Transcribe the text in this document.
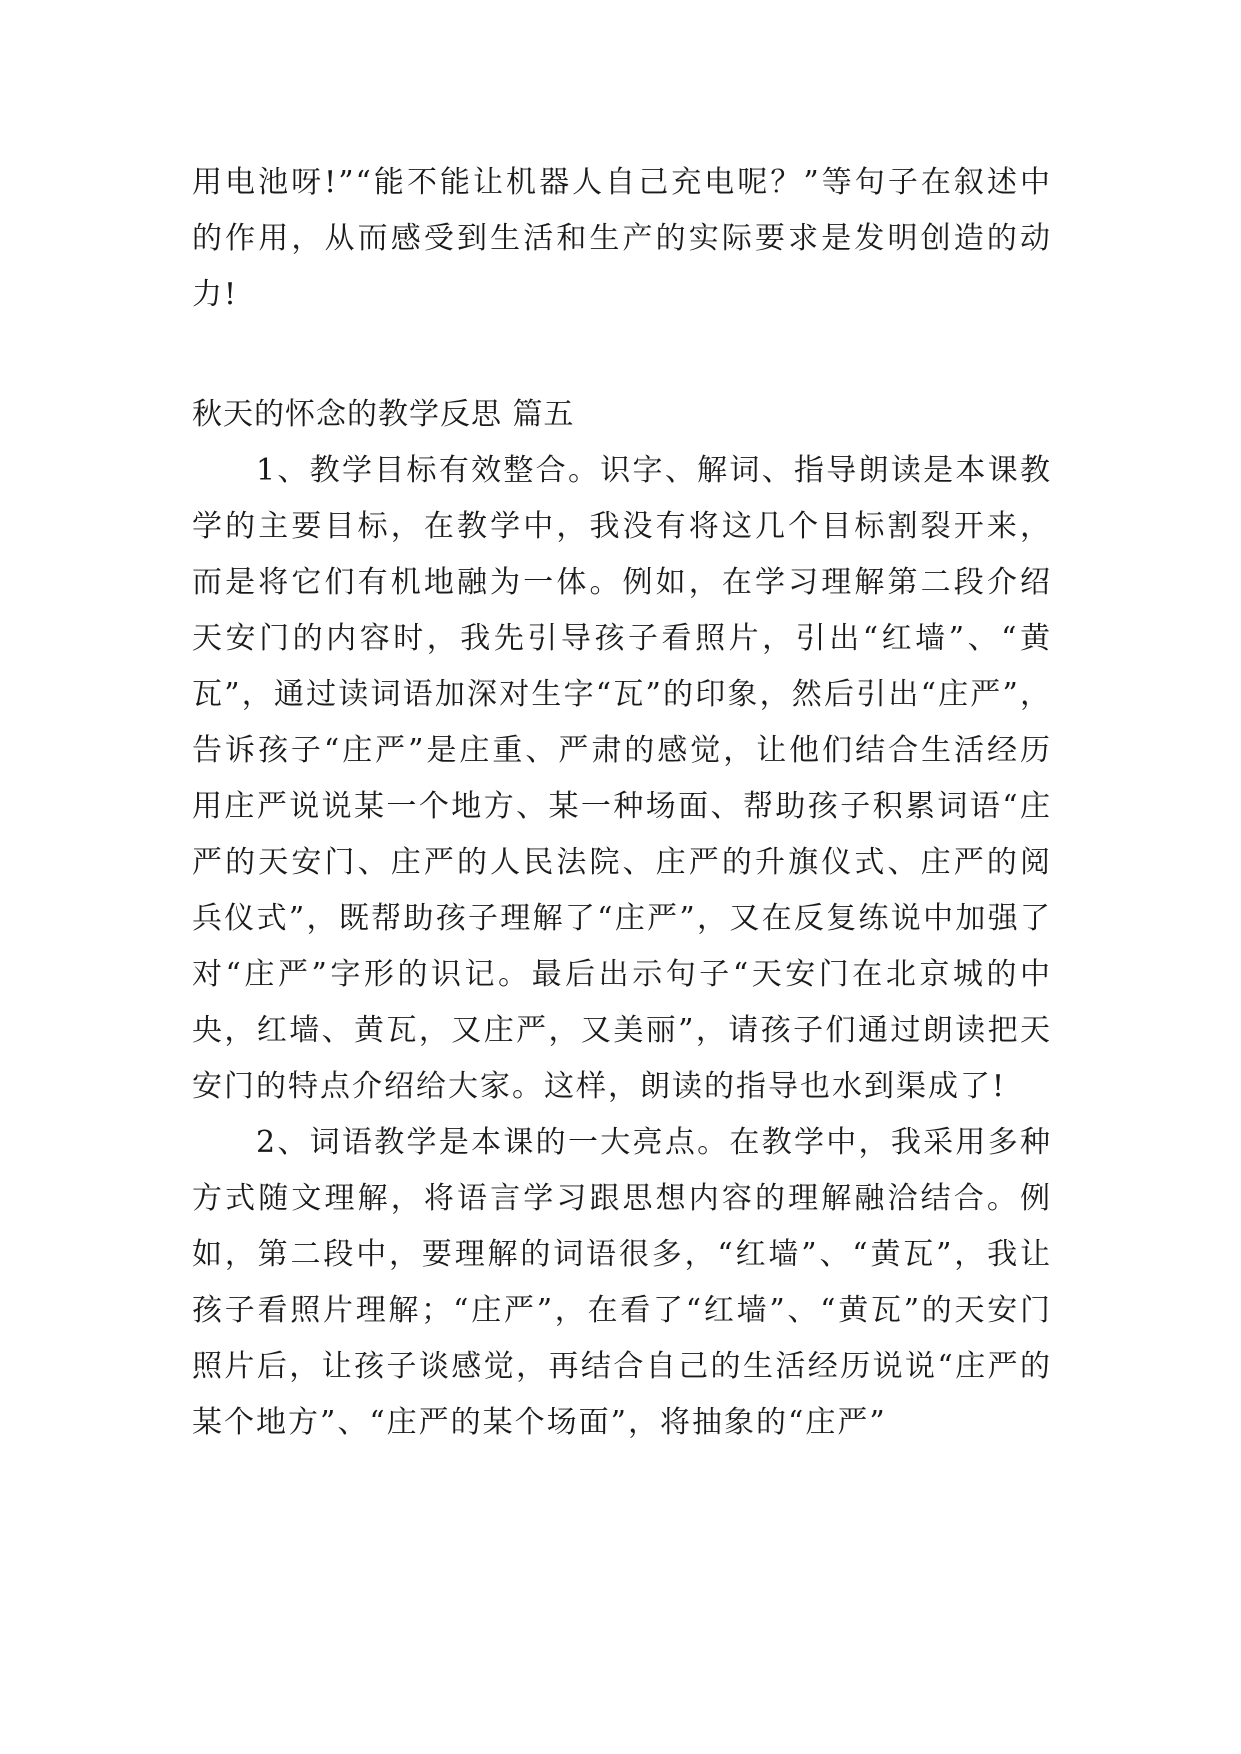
用电池呀!”“能不能让机器人自己充电呢？”等句子在叙述中的作用，从而感受到生活和生产的实际要求是发明创造的动力!

秋天的怀念的教学反思 篇五

1、教学目标有效整合。识字、解词、指导朗读是本课教学的主要目标，在教学中，我没有将这几个目标割裂开来，而是将它们有机地融为一体。例如，在学习理解第二段介绍天安门的内容时，我先引导孩子看照片，引出“红墙”、“黄瓦”，通过读词语加深对生字“瓦”的印象，然后引出“庄严”，告诉孩子“庄严”是庄重、严肃的感觉，让他们结合生活经历用庄严说说某一个地方、某一种场面、帮助孩子积累词语“庄严的天安门、庄严的人民法院、庄严的升旗仪式、庄严的阅兵仪式”，既帮助孩子理解了“庄严”，又在反复练说中加强了对“庄严”字形的识记。最后出示句子“天安门在北京城的中央，红墙、黄瓦，又庄严，又美丽”，请孩子们通过朗读把天安门的特点介绍给大家。这样，朗读的指导也水到渠成了!

2、词语教学是本课的一大亮点。在教学中，我采用多种方式随文理解，将语言学习跟思想内容的理解融洽结合。例如，第二段中，要理解的词语很多，“红墙”、“黄瓦”，我让孩子看照片理解；“庄严”，在看了“红墙”、“黄瓦”的天安门照片后，让孩子谈感觉，再结合自己的生活经历说说“庄严的某个地方”、“庄严的某个场面”，将抽象的“庄严”
